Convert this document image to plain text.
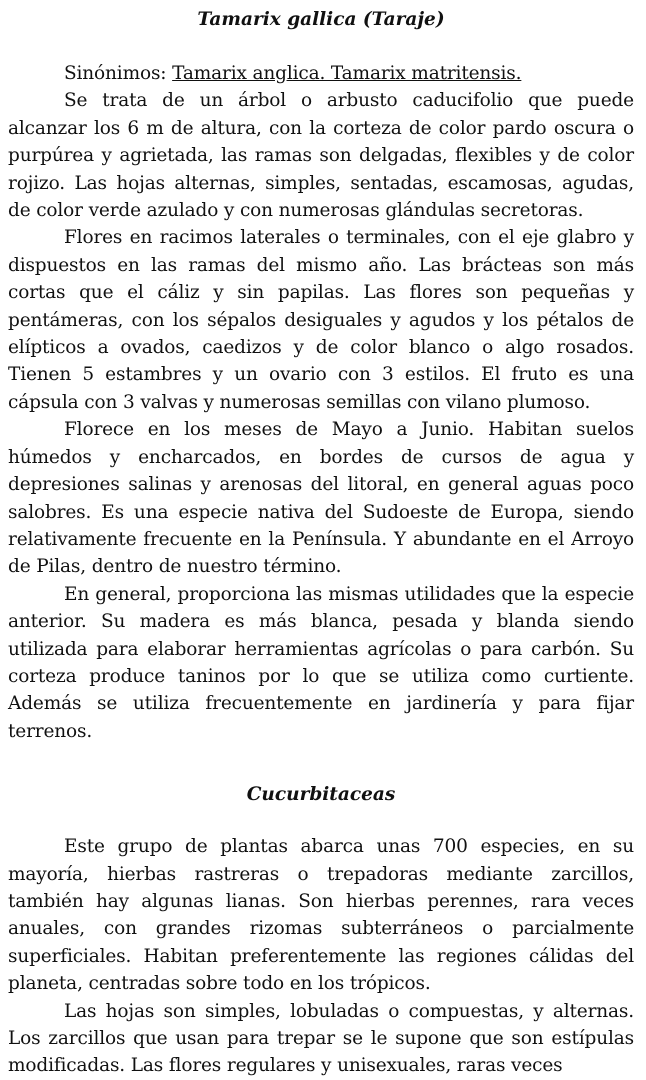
Tamarix gallica (Taraje)

Sinónimos: Tamarix anglica. Tamarix matritensis.

Se trata de un árbol o arbusto caducifolio que puede alcanzar los 6 m de altura, con la corteza de color pardo oscura o purpúrea y agrietada, las ramas son delgadas, flexibles y de color rojizo. Las hojas alternas, simples, sentadas, escamosas, agudas, de color verde azulado y con numerosas glándulas secretoras.

Flores en racimos laterales o terminales, con el eje glabro y dispuestos en las ramas del mismo año. Las brácteas son más cortas que el cáliz y sin papilas. Las flores son pequeñas y pentámeras, con los sépalos desiguales y agudos y los pétalos de elípticos a ovados, caedizos y de color blanco o algo rosados. Tienen 5 estambres y un ovario con 3 estilos. El fruto es una cápsula con 3 valvas y numerosas semillas con vilano plumoso.

Florece en los meses de Mayo a Junio. Habitan suelos húmedos y encharcados, en bordes de cursos de agua y depresiones salinas y arenosas del litoral, en general aguas poco salobres. Es una especie nativa del Sudoeste de Europa, siendo relativamente frecuente en la Península. Y abundante en el Arroyo de Pilas, dentro de nuestro término.

En general, proporciona las mismas utilidades que la especie anterior. Su madera es más blanca, pesada y blanda siendo utilizada para elaborar herramientas agrícolas o para carbón. Su corteza produce taninos por lo que se utiliza como curtiente. Además se utiliza frecuentemente en jardinería y para fijar terrenos.

Cucurbitaceas

Este grupo de plantas abarca unas 700 especies, en su mayoría, hierbas rastreras o trepadoras mediante zarcillos, también hay algunas lianas. Son hierbas perennes, rara veces anuales, con grandes rizomas subterráneos o parcialmente superficiales. Habitan preferentemente las regiones cálidas del planeta, centradas sobre todo en los trópicos.

Las hojas son simples, lobuladas o compuestas, y alternas. Los zarcillos que usan para trepar se le supone que son estípulas modificadas. Las flores regulares y unisexuales, raras veces
